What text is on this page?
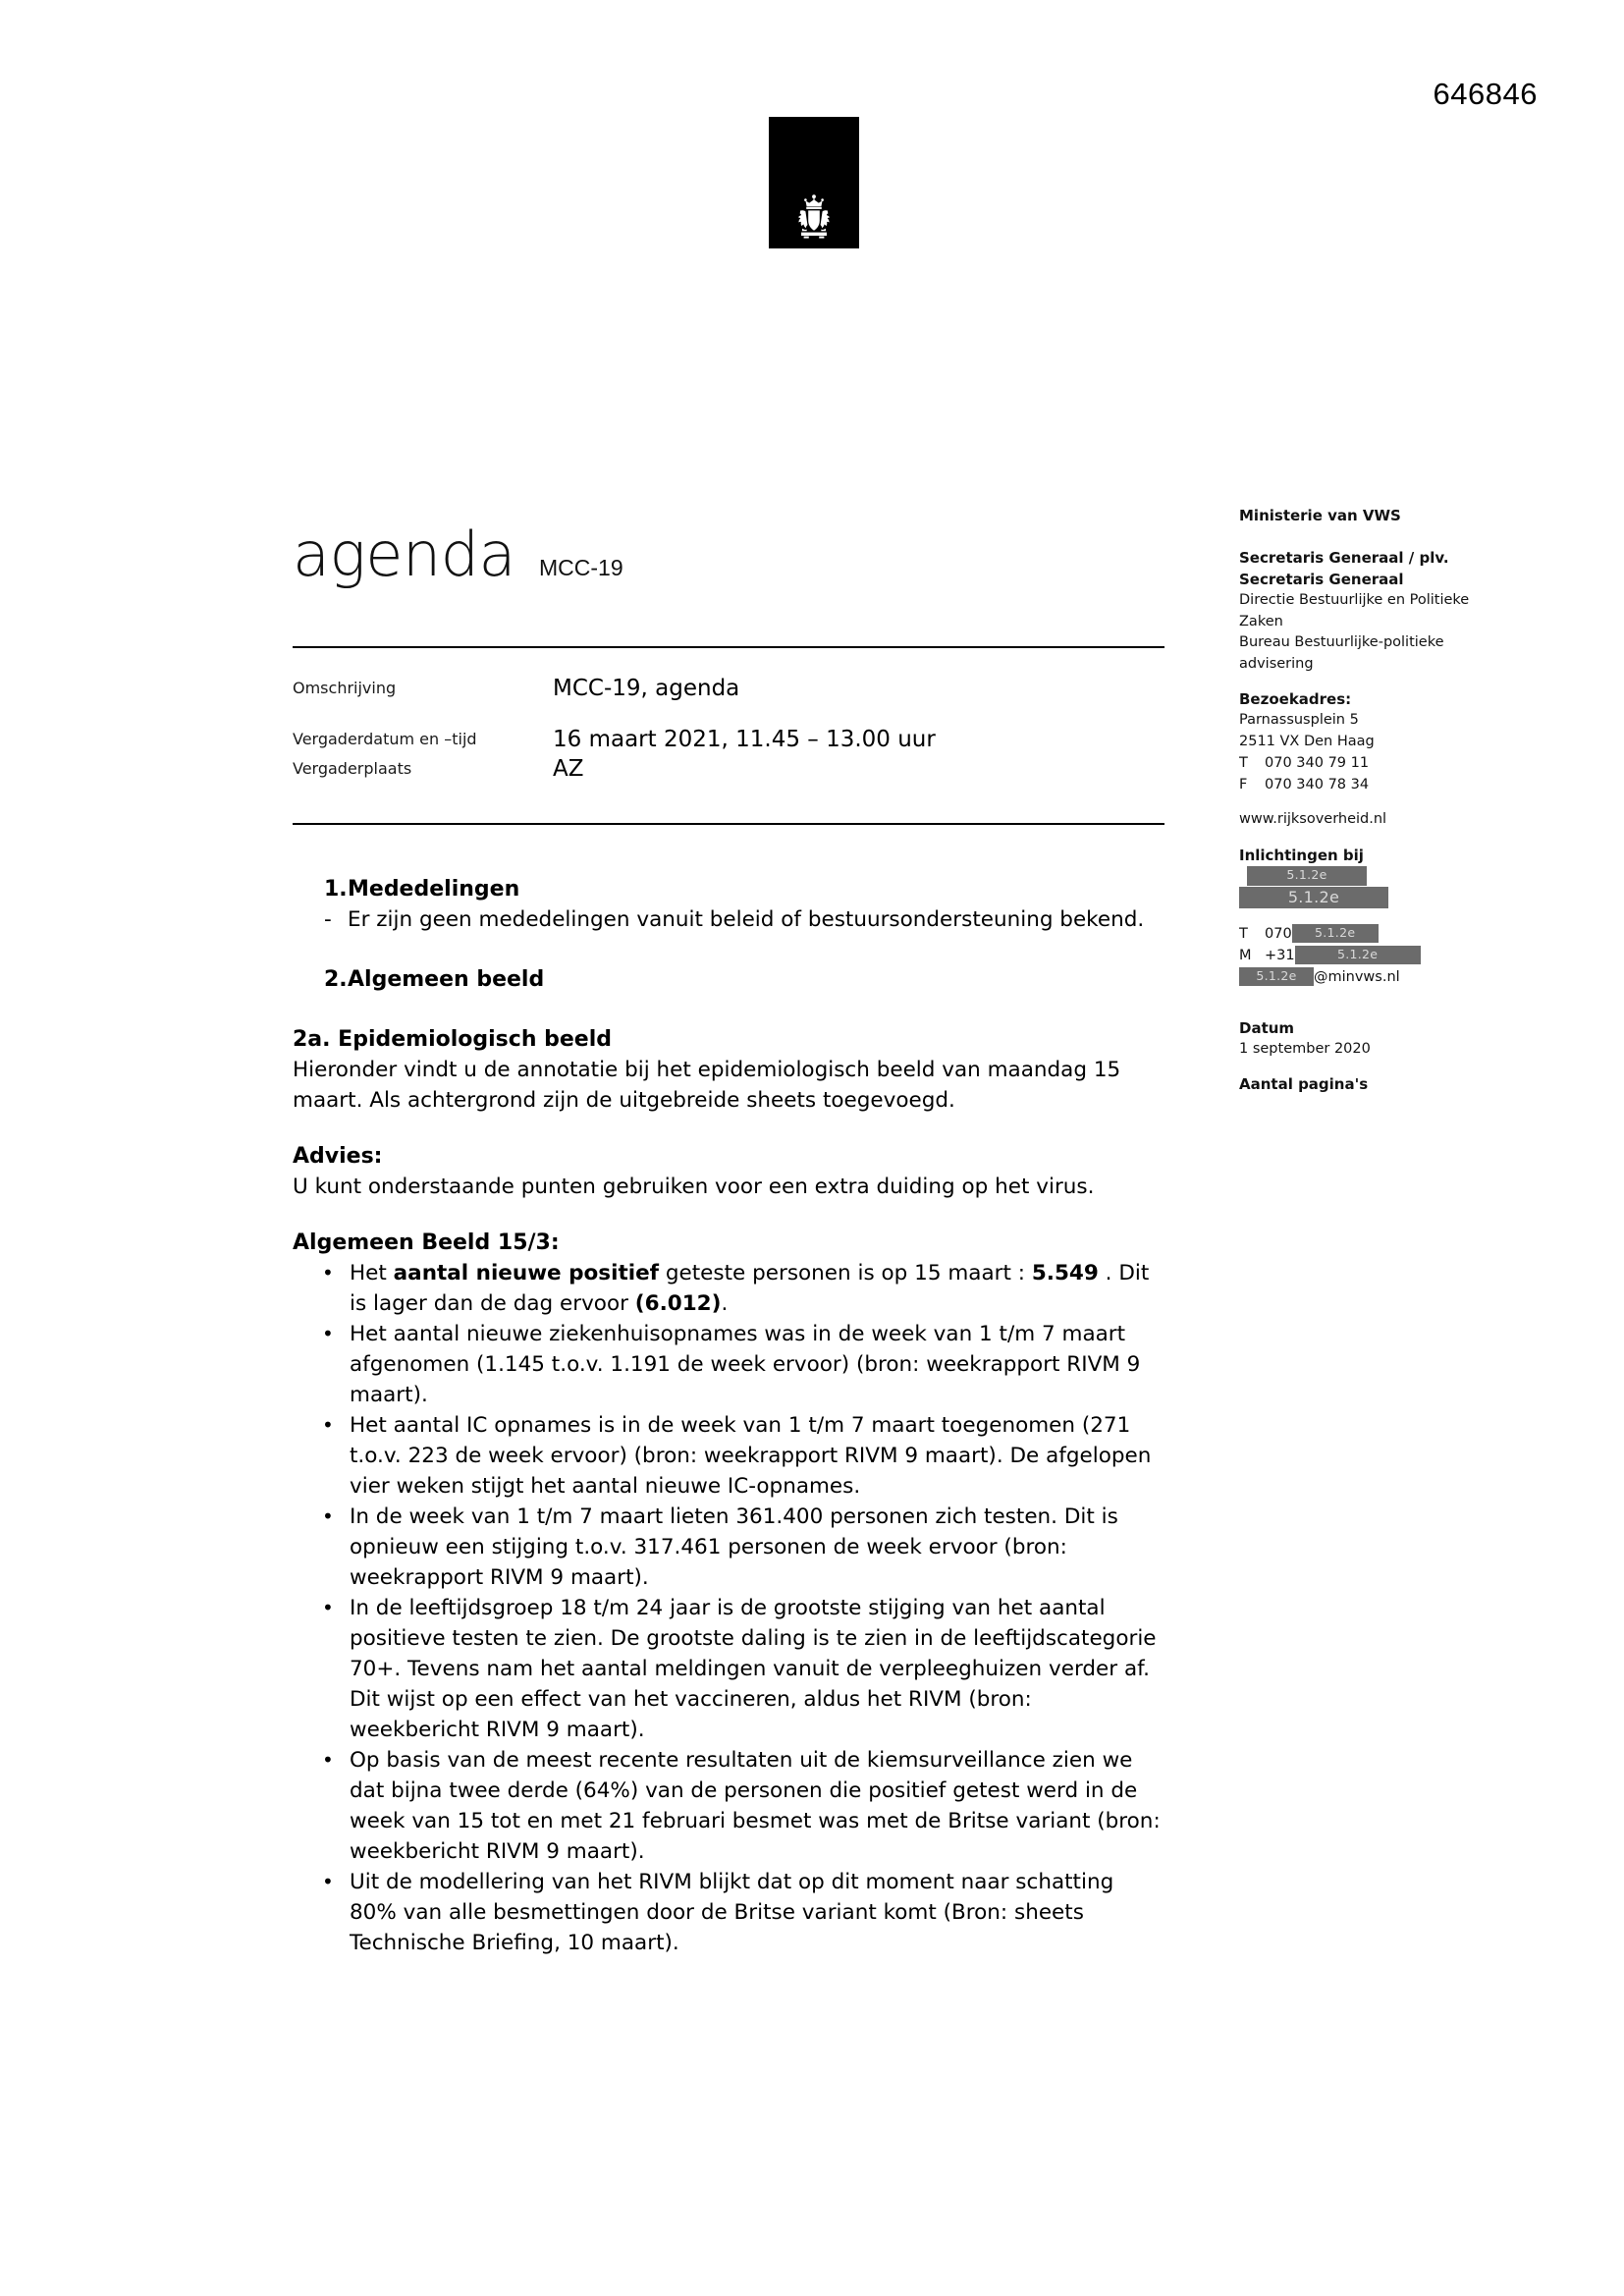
646846
agenda MCC-19
Omschrijving	MCC-19, agenda
Vergaderdatum en –tijd	16 maart 2021, 11.45 – 13.00 uur
Vergaderplaats	AZ
1. Mededelingen
- Er zijn geen mededelingen vanuit beleid of bestuursondersteuning bekend.
2. Algemeen beeld
2a. Epidemiologisch beeld
Hieronder vindt u de annotatie bij het epidemiologisch beeld van maandag 15 maart. Als achtergrond zijn de uitgebreide sheets toegevoegd.
Advies:
U kunt onderstaande punten gebruiken voor een extra duiding op het virus.
Algemeen Beeld 15/3:
• Het aantal nieuwe positief geteste personen is op 15 maart : 5.549 . Dit is lager dan de dag ervoor (6.012).
• Het aantal nieuwe ziekenhuisopnames was in de week van 1 t/m 7 maart afgenomen (1.145 t.o.v. 1.191 de week ervoor) (bron: weekrapport RIVM 9 maart).
• Het aantal IC opnames is in de week van 1 t/m 7 maart toegenomen (271 t.o.v. 223 de week ervoor) (bron: weekrapport RIVM 9 maart). De afgelopen vier weken stijgt het aantal nieuwe IC-opnames.
• In de week van 1 t/m 7 maart lieten 361.400 personen zich testen. Dit is opnieuw een stijging t.o.v. 317.461 personen de week ervoor (bron: weekrapport RIVM 9 maart).
• In de leeftijdsgroep 18 t/m 24 jaar is de grootste stijging van het aantal positieve testen te zien. De grootste daling is te zien in de leeftijdscategorie 70+. Tevens nam het aantal meldingen vanuit de verpleeghuizen verder af. Dit wijst op een effect van het vaccineren, aldus het RIVM (bron: weekbericht RIVM 9 maart).
• Op basis van de meest recente resultaten uit de kiemsurveillance zien we dat bijna twee derde (64%) van de personen die positief getest werd in de week van 15 tot en met 21 februari besmet was met de Britse variant (bron: weekbericht RIVM 9 maart).
• Uit de modellering van het RIVM blijkt dat op dit moment naar schatting 80% van alle besmettingen door de Britse variant komt (Bron: sheets Technische Briefing, 10 maart).
Ministerie van VWS
Secretaris Generaal / plv.
Secretaris Generaal
Directie Bestuurlijke en Politieke
Zaken
Bureau Bestuurlijke-politieke
advisering
Bezoekadres:
Parnassusplein 5
2511 VX Den Haag
T	070 340 79 11
F	070 340 78 34
www.rijksoverheid.nl
Inlichtingen bij
5.1.2e
5.1.2e
T	070	5.1.2e
M +31	5.1.2e
5.1.2e	@minvws.nl
Datum
1 september 2020
Aantal pagina's
